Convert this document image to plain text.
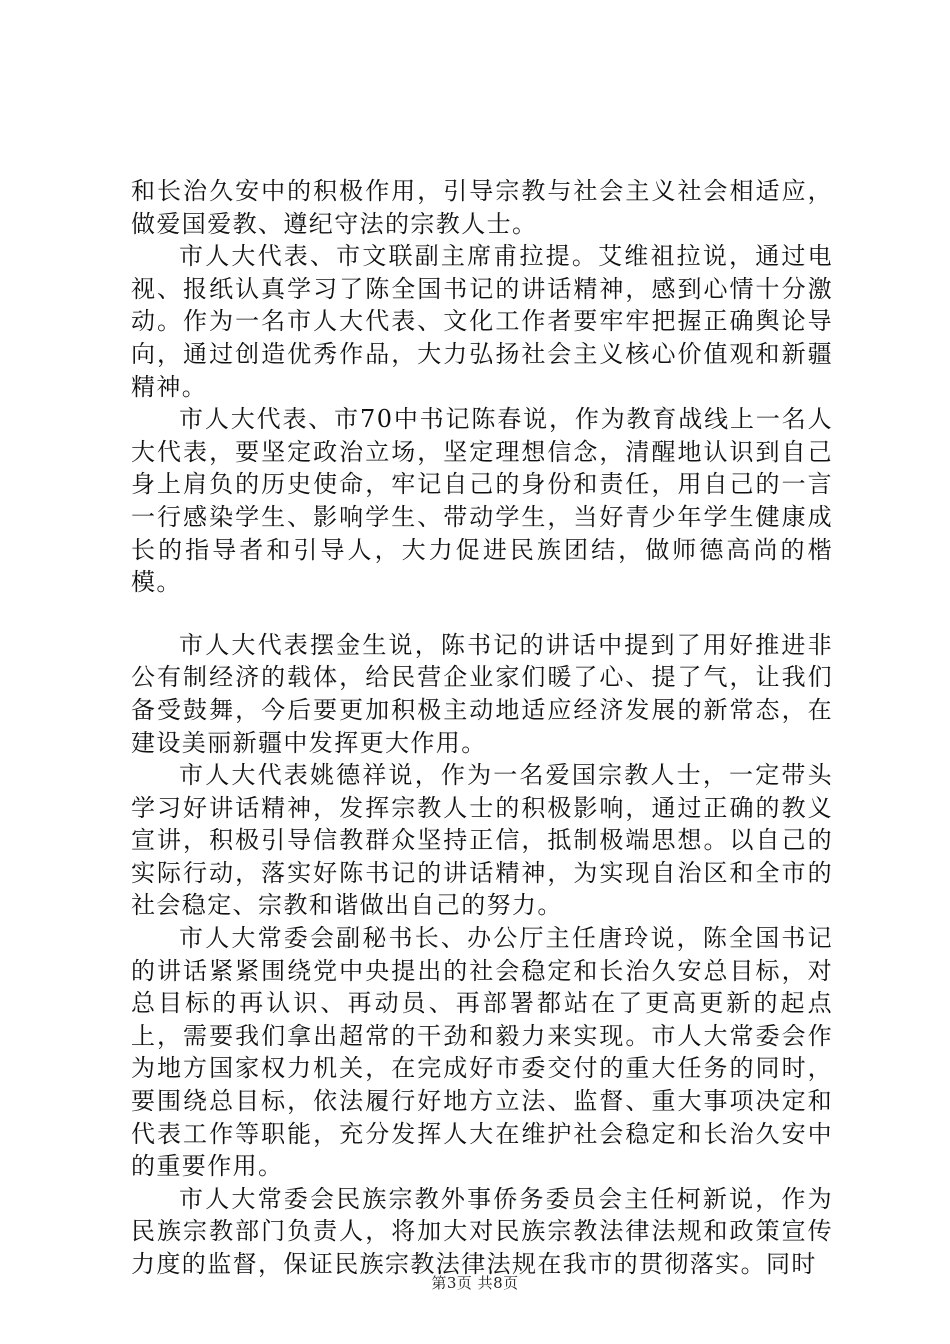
和长治久安中的积极作用，引导宗教与社会主义社会相适应，做爱国爱教、遵纪守法的宗教人士。

市人大代表、市文联副主席甫拉提。艾维祖拉说，通过电视、报纸认真学习了陈全国书记的讲话精神，感到心情十分激动。作为一名市人大代表、文化工作者要牢牢把握正确舆论导向，通过创造优秀作品，大力弘扬社会主义核心价值观和新疆精神。

市人大代表、市70中书记陈春说，作为教育战线上一名人大代表，要坚定政治立场，坚定理想信念，清醒地认识到自己身上肩负的历史使命，牢记自己的身份和责任，用自己的一言一行感染学生、影响学生、带动学生，当好青少年学生健康成长的指导者和引导人，大力促进民族团结，做师德高尚的楷模。

市人大代表摆金生说，陈书记的讲话中提到了用好推进非公有制经济的载体，给民营企业家们暖了心、提了气，让我们备受鼓舞，今后要更加积极主动地适应经济发展的新常态，在建设美丽新疆中发挥更大作用。

市人大代表姚德祥说，作为一名爱国宗教人士，一定带头学习好讲话精神，发挥宗教人士的积极影响，通过正确的教义宣讲，积极引导信教群众坚持正信，抵制极端思想。以自己的实际行动，落实好陈书记的讲话精神，为实现自治区和全市的社会稳定、宗教和谐做出自己的努力。

市人大常委会副秘书长、办公厅主任唐玲说，陈全国书记的讲话紧紧围绕党中央提出的社会稳定和长治久安总目标，对总目标的再认识、再动员、再部署都站在了更高更新的起点上，需要我们拿出超常的干劲和毅力来实现。市人大常委会作为地方国家权力机关，在完成好市委交付的重大任务的同时，要围绕总目标，依法履行好地方立法、监督、重大事项决定和代表工作等职能，充分发挥人大在维护社会稳定和长治久安中的重要作用。

市人大常委会民族宗教外事侨务委员会主任柯新说，作为民族宗教部门负责人，将加大对民族宗教法律法规和政策宣传力度的监督，保证民族宗教法律法规在我市的贯彻落实。同时

第3页 共8页
